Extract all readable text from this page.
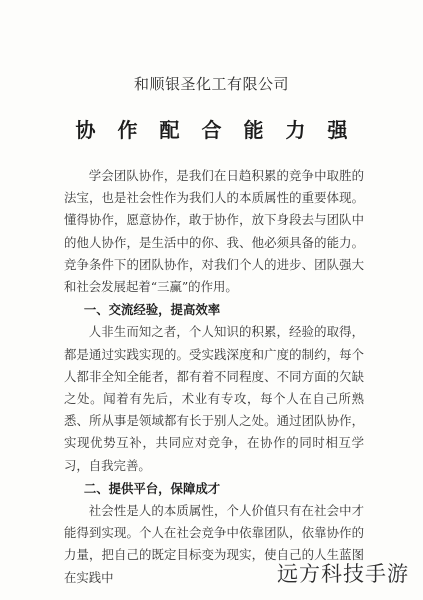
和顺银圣化工有限公司
协作配合能力强

学会团队协作，是我们在日趋积累的竞争中取胜的法宝，也是社会性作为我们人的本质属性的重要体现。懂得协作，愿意协作，敢于协作，放下身段去与团队中的他人协作，是生活中的你、我、他必须具备的能力。竞争条件下的团队协作，对我们个人的进步、团队强大和社会发展起着“三赢”的作用。

一、交流经验，提高效率

人非生而知之者，个人知识的积累，经验的取得，都是通过实践实现的。受实践深度和广度的制约，每个人都非全知全能者，都有着不同程度、不同方面的欠缺之处。闻着有先后，术业有专攻，每个人在自己所熟悉、所从事是领域都有长于别人之处。通过团队协作，实现优势互补，共同应对竞争，在协作的同时相互学习，自我完善。

二、提供平台，保障成才

社会性是人的本质属性，个人价值只有在社会中才能得到实现。个人在社会竞争中依靠团队，依靠协作的力量，把自己的既定目标变为现实，使自己的人生蓝图在实践中	远方科技手游
